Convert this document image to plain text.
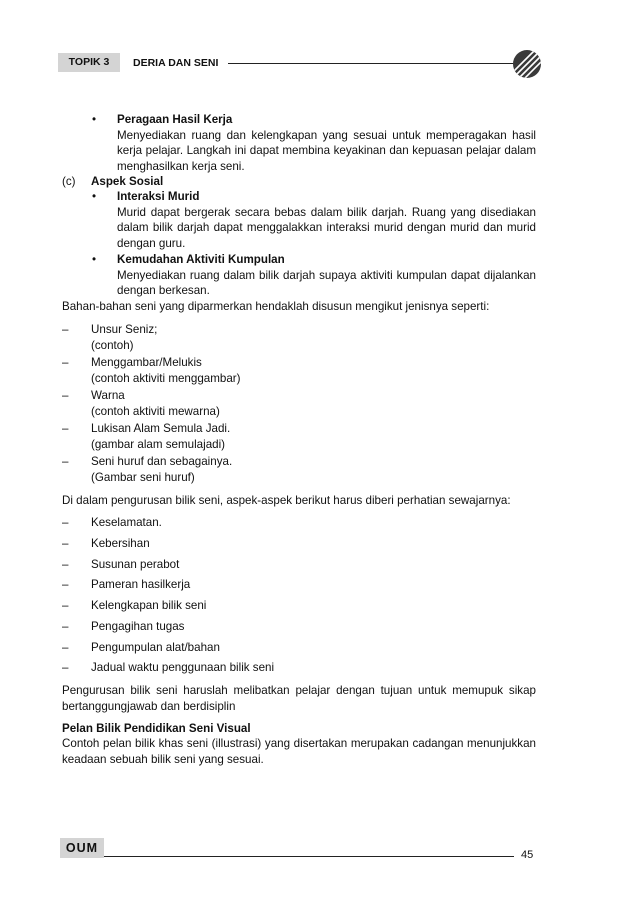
TOPIK 3	DERIA DAN SENI
• Peragaan Hasil Kerja
Menyediakan ruang dan kelengkapan yang sesuai untuk memperagakan hasil kerja pelajar. Langkah ini dapat membina keyakinan dan kepuasan pelajar dalam menghasilkan kerja seni.
(c) Aspek Sosial
• Interaksi Murid
Murid dapat bergerak secara bebas dalam bilik darjah. Ruang yang disediakan dalam bilik darjah dapat menggalakkan interaksi murid dengan murid dan murid dengan guru.
• Kemudahan Aktiviti Kumpulan
Menyediakan ruang dalam bilik darjah supaya aktiviti kumpulan dapat dijalankan dengan berkesan.

Bahan-bahan seni yang diparmerkan hendaklah disusun mengikut jenisnya seperti:

– Unsur Seniz;
(contoh)
– Menggambar/Melukis
(contoh aktiviti menggambar)
– Warna
(contoh aktiviti mewarna)
– Lukisan Alam Semula Jadi.
(gambar alam semulajadi)
– Seni huruf dan sebagainya.
(Gambar seni huruf)

Di dalam pengurusan bilik seni, aspek-aspek berikut harus diberi perhatian sewajarnya:

– Keselamatan.
– Kebersihan
– Susunan perabot
– Pameran hasilkerja
– Kelengkapan bilik seni
– Pengagihan tugas
– Pengumpulan alat/bahan
– Jadual waktu penggunaan bilik seni

Pengurusan bilik seni haruslah melibatkan pelajar dengan tujuan untuk memupuk sikap bertanggungjawab dan berdisiplin

Pelan Bilik Pendidikan Seni Visual

Contoh pelan bilik khas seni (illustrasi) yang disertakan merupakan cadangan menunjukkan keadaan sebuah bilik seni yang sesuai.

OUM	45
